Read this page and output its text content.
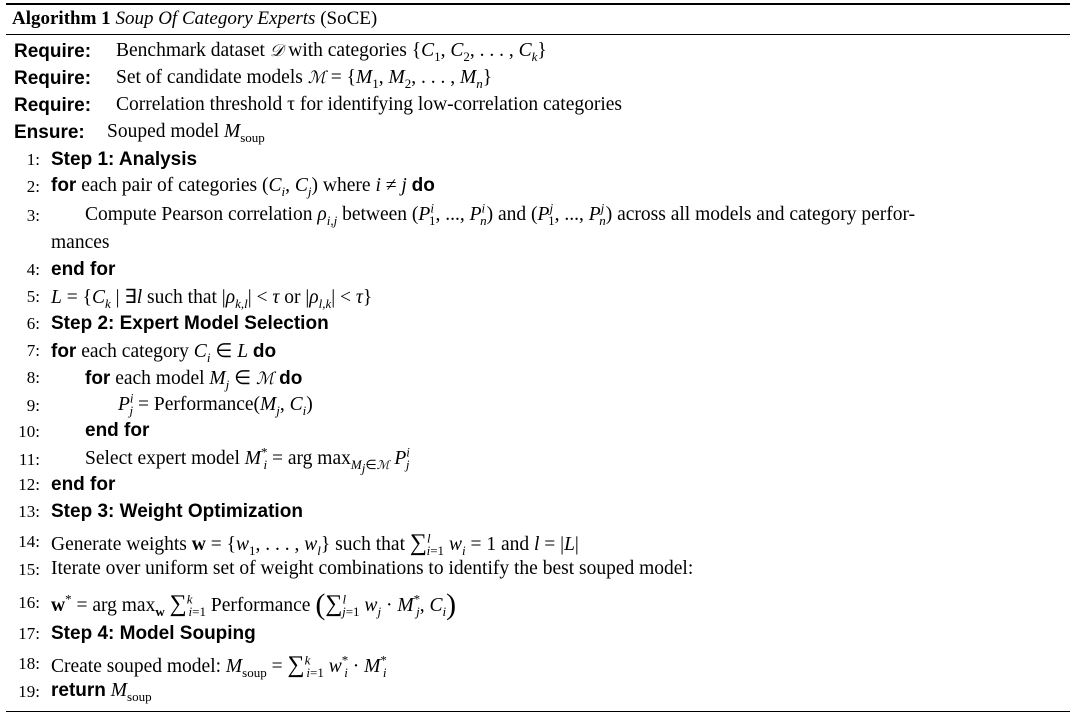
Algorithm 1 Soup Of Category Experts (SoCE)
Require: Benchmark dataset 𝒟 with categories {$C_1$, $C_2$, . . . , $C_k$}
Require: Set of candidate models ℳ = {$M_1$, $M_2$, . . . , $M_n$}
Require: Correlation threshold τ for identifying low-correlation categories
Ensure: Souped model $M_{soup}$
1: Step 1: Analysis
2: for each pair of categories ($C_i$, $C_j$) where i ≠ j do
3: Compute Pearson correlation $\rho_{i,j}$ between ($P^i_1$, ..., $P^i_n$) and ($P^j_1$, ..., $P^j_n$) across all models and category perfor-
mances
4: end for
5: $L = \{C_k$ | ∃l such that $|\rho_{k,l}| < \tau$ or $|\rho_{l,k}| < \tau$}
6: Step 2: Expert Model Selection
7: for each category $C_i$ ∈ L do
8: for each model $M_j$ ∈ ℳ do
9:	$P^i_j$ = $Performance(M_j$, $C_i$)
10: end for
11: Select expert model $M^*_i$ = arg $\max_{M_j\in ℳ} P^i_j$
12: end for
13: Step 3: Weight Optimization
14: Generate weights $w = \{w_1$, . . . , $w_l$} such that ∑$^l_{i=1}$ $w_i = 1$ and l = |L|
15: Iterate over uniform set of weight combinations to identify the best souped model:
16: w* = arg $\max_w \sum^k_{i=1}$ Performance (∑$^l_{j=1}$ $w_j \cdot M^*_j$, $C_i$)
17: Step 4: Model Souping
18: Create souped model: $M_{soup} = \sum^k_{i=1}$ $w^*_i \cdot M^*_i$
19: return $M_{soup}$
